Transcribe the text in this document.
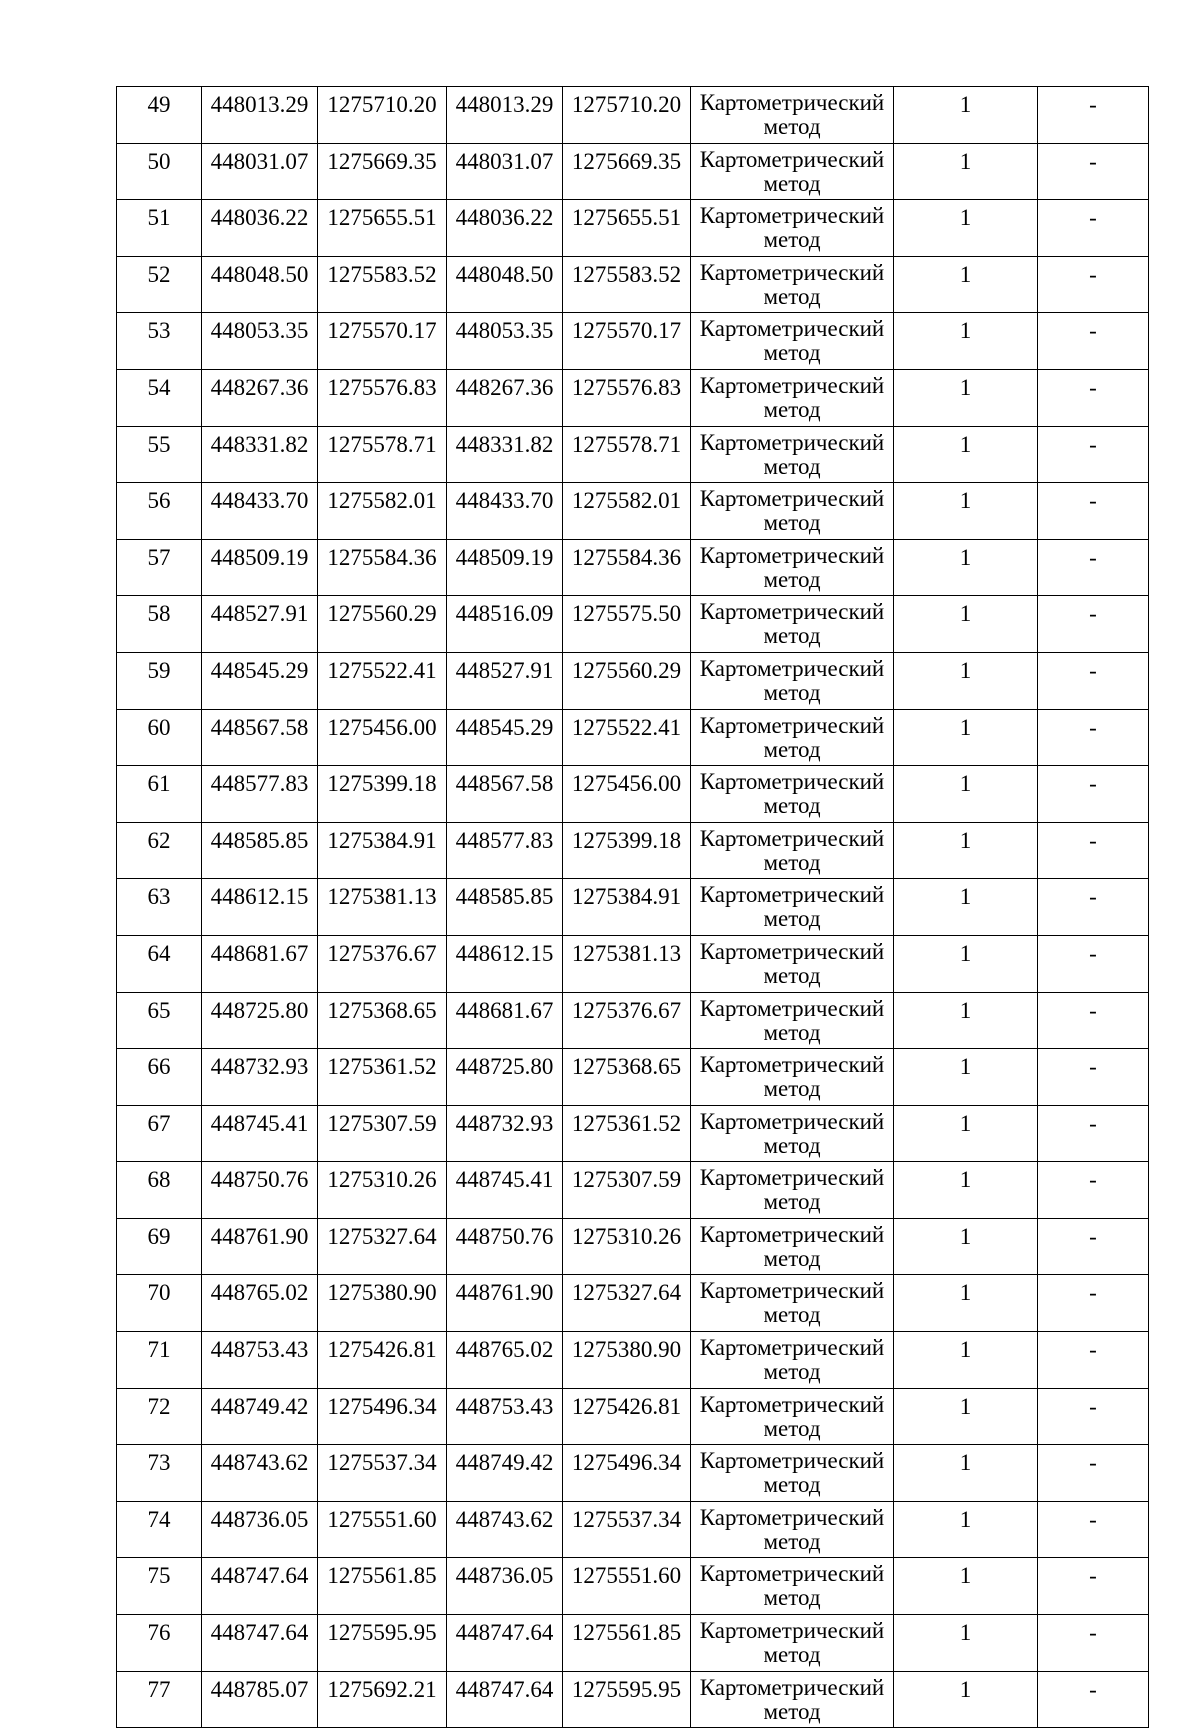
49	448013.29	1275710.20	448013.29	1275710.20	Картометрический
метод	1	-
50	448031.07	1275669.35	448031.07	1275669.35	Картометрический
метод	1	-
51	448036.22	1275655.51	448036.22	1275655.51	Картометрический
метод	1	-
52	448048.50	1275583.52	448048.50	1275583.52	Картометрический
метод	1	-
53	448053.35	1275570.17	448053.35	1275570.17	Картометрический
метод	1	-
54	448267.36	1275576.83	448267.36	1275576.83	Картометрический
метод	1	-
55	448331.82	1275578.71	448331.82	1275578.71	Картометрический
метод	1	-
56	448433.70	1275582.01	448433.70	1275582.01	Картометрический
метод	1	-
57	448509.19	1275584.36	448509.19	1275584.36	Картометрический
метод	1	-
58	448527.91	1275560.29	448516.09	1275575.50	Картометрический
метод	1	-
59	448545.29	1275522.41	448527.91	1275560.29	Картометрический
метод	1	-
60	448567.58	1275456.00	448545.29	1275522.41	Картометрический
метод	1	-
61	448577.83	1275399.18	448567.58	1275456.00	Картометрический
метод	1	-
62	448585.85	1275384.91	448577.83	1275399.18	Картометрический
метод	1	-
63	448612.15	1275381.13	448585.85	1275384.91	Картометрический
метод	1	-
64	448681.67	1275376.67	448612.15	1275381.13	Картометрический
метод	1	-
65	448725.80	1275368.65	448681.67	1275376.67	Картометрический
метод	1	-
66	448732.93	1275361.52	448725.80	1275368.65	Картометрический
метод	1	-
67	448745.41	1275307.59	448732.93	1275361.52	Картометрический
метод	1	-
68	448750.76	1275310.26	448745.41	1275307.59	Картометрический
метод	1	-
69	448761.90	1275327.64	448750.76	1275310.26	Картометрический
метод	1	-
70	448765.02	1275380.90	448761.90	1275327.64	Картометрический
метод	1	-
71	448753.43	1275426.81	448765.02	1275380.90	Картометрический
метод	1	-
72	448749.42	1275496.34	448753.43	1275426.81	Картометрический
метод	1	-
73	448743.62	1275537.34	448749.42	1275496.34	Картометрический
метод	1	-
74	448736.05	1275551.60	448743.62	1275537.34	Картометрический
метод	1	-
75	448747.64	1275561.85	448736.05	1275551.60	Картометрический
метод	1	-
76	448747.64	1275595.95	448747.64	1275561.85	Картометрический
метод	1	-
77	448785.07	1275692.21	448747.64	1275595.95	Картометрический
метод	1	-
